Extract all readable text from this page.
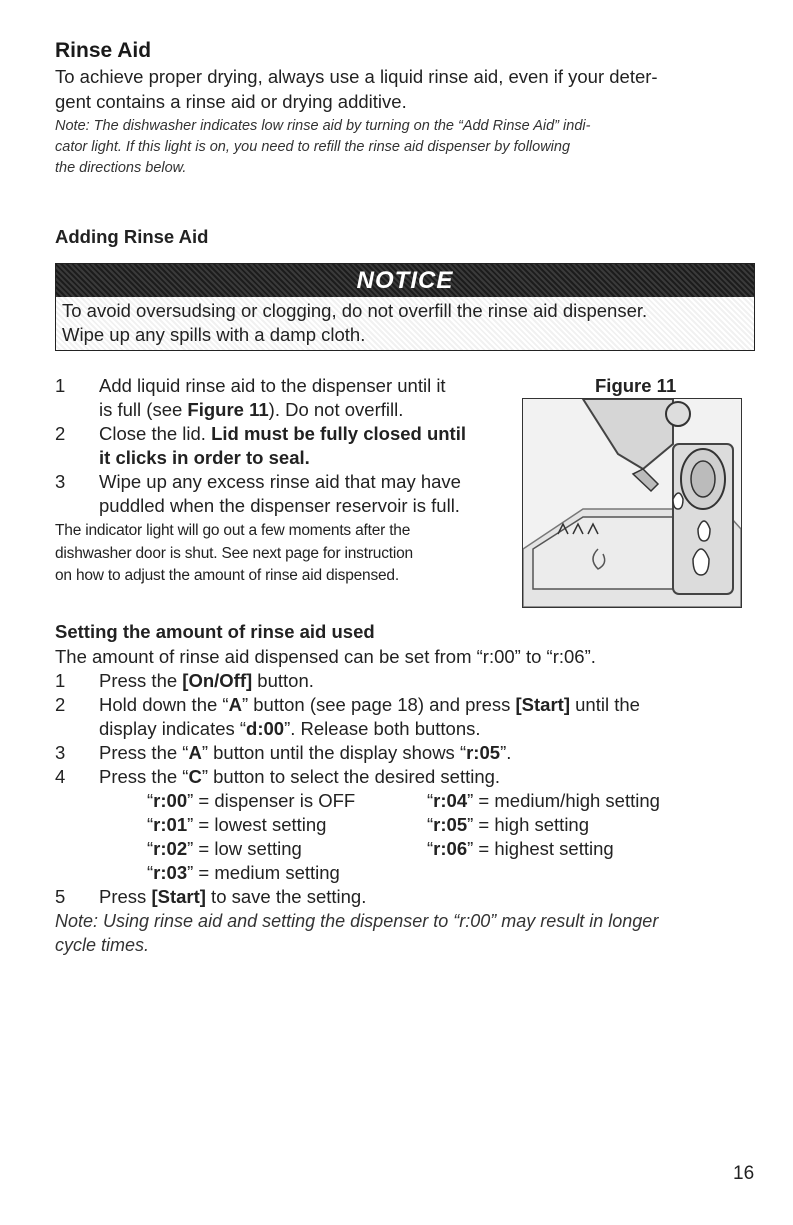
Rinse Aid

To achieve proper drying, always use a liquid rinse aid, even if your deter-

gent contains a rinse aid or drying additive.

Note: The dishwasher indicates low rinse aid by turning on the “Add Rinse Aid” indi-
cator light. If this light is on, you need to refill the rinse aid dispenser by following
the directions below.
Adding Rinse Aid
NOTICE
To avoid oversudsing or clogging, do not overfill the rinse aid dispenser.
Wipe up any spills with a damp cloth.
1	Add liquid rinse aid to the dispenser until it
is full (see Figure 11). Do not overfill.
2	Close the lid. Lid must be fully closed until
it clicks in order to seal.
3	Wipe up any excess rinse aid that may have
puddled when the dispenser reservoir is full.
The indicator light will go out a few moments after the
dishwasher door is shut. See next page for instruction
on how to adjust the amount of rinse aid dispensed.
Figure 11
Setting the amount of rinse aid used

The amount of rinse aid dispensed can be set from “r:00” to “r:06”.

1	Press the [On/Off] button.
2	Hold down the “A” button (see page 18) and press [Start] until the
display indicates “d:00”. Release both buttons.
3	Press the “A” button until the display shows “r:05”.
4	Press the “C” button to select the desired setting.
“r:00” = dispenser is OFF
“r:01” = lowest setting
“r:02” = low setting
“r:03” = medium setting
“r:04” = medium/high setting
“r:05” = high setting
“r:06” = highest setting
5	Press [Start] to save the setting.
Note: Using rinse aid and setting the dispenser to “r:00” may result in longer
cycle times.
16
